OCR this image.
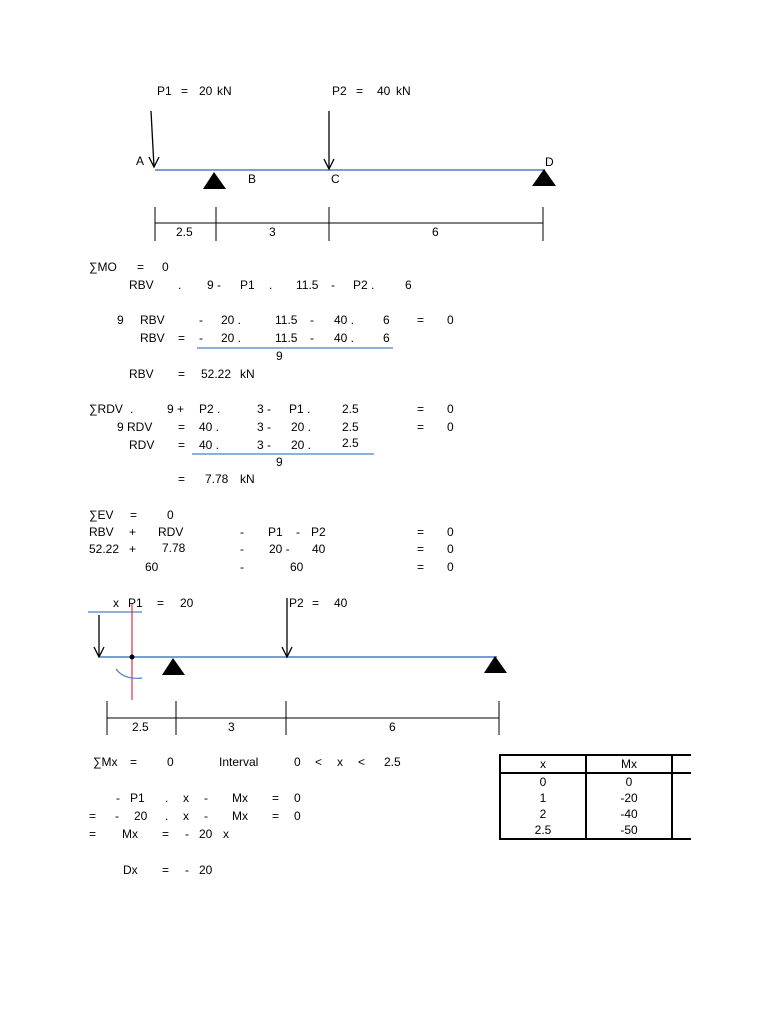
P1 = 20 kN	P2 = 40 kN
A
B	C
D
2.5	3	6
∑MO = 0
RBV . 9 - P1 . 11.5 - P2 .	6
9 RBV	- 20 .	11.5 - 40 . 6 = 0
RBV = - 20 .	11.5 - 40 . 6
9
RBV = 52.22 kN
∑RDV .	9 + P2 .	3 - P1 .	2.5	= 0
9 RDV = 40 .	3 - 20 .	2.5	= 0
RDV = 40 .	3 - 20 .	2.5
9
= 7.78 kN
∑EV = 0
RBV + RDV	- P1 - P2	= 0
52.22 + 7.78	- 20 - 40	= 0
60	-	60	= 0
x P1 = 20	P2 = 40
2.5	3	6
∑Mx = 0	Interval	0 < x < 2.5
- P1 . x - Mx = 0
= - 20 . x - Mx = 0
= Mx = - 20 x
Dx = - 20
x	Mx	
0	0	
1	-20	
2	-40	
2.5	-50	
